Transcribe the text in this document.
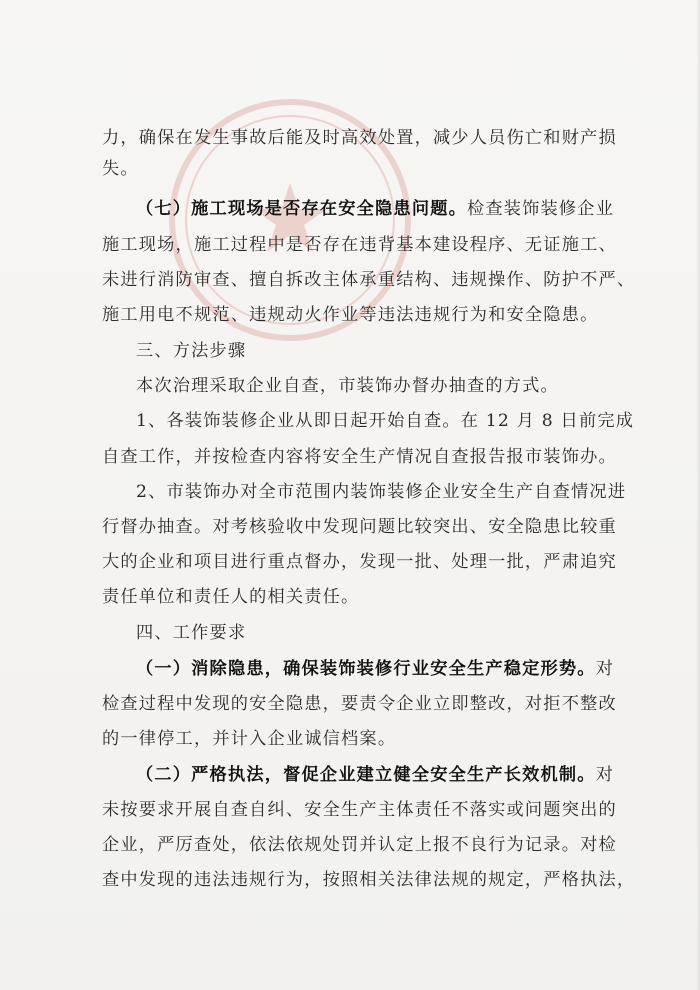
力，确保在发生事故后能及时高效处置，减少人员伤亡和财产损
失。
（七）施工现场是否存在安全隐患问题。检查装饰装修企业
施工现场，施工过程中是否存在违背基本建设程序、无证施工、
未进行消防审查、擅自拆改主体承重结构、违规操作、防护不严、
施工用电不规范、违规动火作业等违法违规行为和安全隐患。
三、方法步骤
本次治理采取企业自查，市装饰办督办抽查的方式。
1、各装饰装修企业从即日起开始自查。在 12 月 8 日前完成
自查工作，并按检查内容将安全生产情况自查报告报市装饰办。
2、市装饰办对全市范围内装饰装修企业安全生产自查情况进
行督办抽查。对考核验收中发现问题比较突出、安全隐患比较重
大的企业和项目进行重点督办，发现一批、处理一批，严肃追究
责任单位和责任人的相关责任。
四、工作要求
（一）消除隐患，确保装饰装修行业安全生产稳定形势。对
检查过程中发现的安全隐患，要责令企业立即整改，对拒不整改
的一律停工，并计入企业诚信档案。
（二）严格执法，督促企业建立健全安全生产长效机制。对
未按要求开展自查自纠、安全生产主体责任不落实或问题突出的
企业，严厉查处，依法依规处罚并认定上报不良行为记录。对检
查中发现的违法违规行为，按照相关法律法规的规定，严格执法，
